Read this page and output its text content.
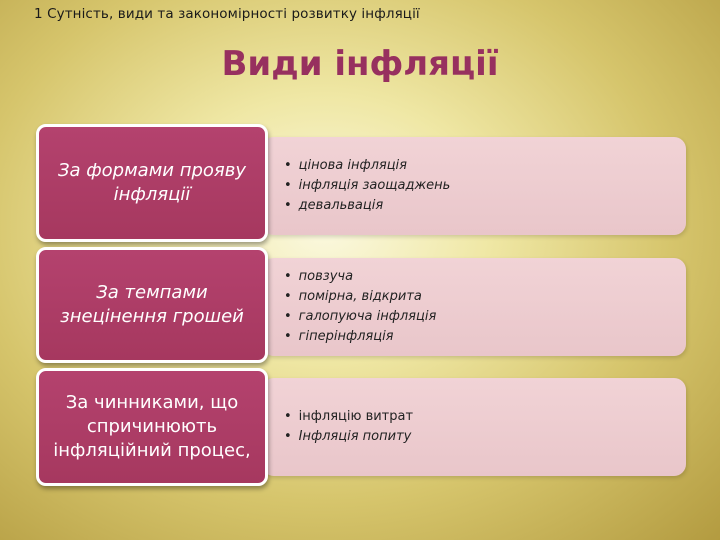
1 Сутність, види та закономірності розвитку інфляції
Види інфляції
• цінова інфляція
• інфляція заощаджень
• девальвація
За формами прояву інфляції
• повзуча
• помірна, відкрита
• галопуюча інфляція
• гіперінфляція
За темпами знецінення грошей
• інфляцію витрат
• Інфляція попиту
За чинниками, що спричинюють інфляційний процес,
